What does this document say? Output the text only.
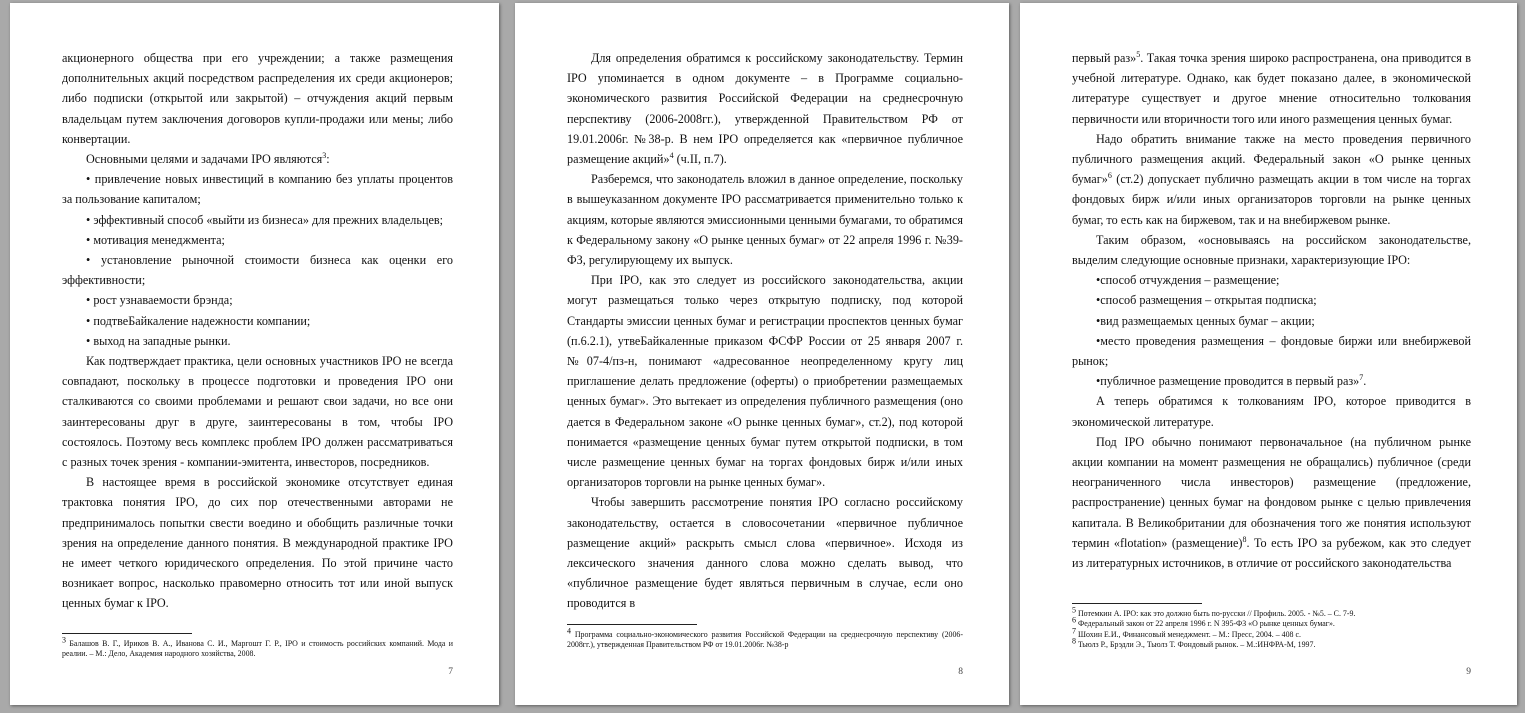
акционерного общества при его учреждении; а также размещения дополнительных акций посредством распределения их среди акционеров; либо подписки (открытой или закрытой) – отчуждения акций первым владельцам путем заключения договоров купли-продажи или мены; либо конвертации.

Основными целями и задачами IPO являются$^3$:

• привлечение новых инвестиций в компанию без уплаты процентов за пользование капиталом;

• эффективный способ «выйти из бизнеса» для прежних владельцев;

• мотивация менеджмента;

• установление рыночной стоимости бизнеса как оценки его эффективности;

• рост узнаваемости брэнда;

• подтвеБайкаление надежности компании;

• выход на западные рынки.

Как подтверждает практика, цели основных участников IPO не всегда совпадают, поскольку в процессе подготовки и проведения IPO они сталкиваются со своими проблемами и решают свои задачи, но все они заинтересованы друг в друге, заинтересованы в том, чтобы IPO состоялось. Поэтому весь комплекс проблем IPO должен рассматриваться с разных точек зрения - компании-эмитента, инвесторов, посредников.

В настоящее время в российской экономике отсутствует единая трактовка понятия IPO, до сих пор отечественными авторами не предпринималось попытки свести воедино и обобщить различные точки зрения на определение данного понятия. В международной практике IPO не имеет четкого юридического определения. По этой причине часто возникает вопрос, насколько правомерно относить тот или иной выпуск ценных бумаг к IPO.

$^3$ Балашов В. Г., Ириков В. А., Иванова С. И., Маргошт Г. Р., IPO и стоимость российских компаний. Мода и реалии. – М.: Дело, Академия народного хозяйства, 2008.

7

Для определения обратимся к российскому законодательству. Термин IPO упоминается в одном документе – в Программе социально-экономического развития Российской Федерации на среднесрочную перспективу (2006-2008гг.), утвержденной Правительством РФ от 19.01.2006г. №38-р. В нем IPO определяется как «первичное публичное размещение акций»$^4$ (ч.II, п.7).

Разберемся, что законодатель вложил в данное определение, поскольку в вышеуказанном документе IPO рассматривается применительно только к акциям, которые являются эмиссионными ценными бумагами, то обратимся к Федеральному закону «О рынке ценных бумаг» от 22 апреля 1996 г. №39-ФЗ, регулирующему их выпуск.

При IPO, как это следует из российского законодательства, акции могут размещаться только через открытую подписку, под которой Стандарты эмиссии ценных бумаг и регистрации проспектов ценных бумаг (п.6.2.1), утвеБайкаленные приказом ФСФР России от 25 января 2007 г. №07-4/пз-н, понимают «адресованное неопределенному кругу лиц приглашение делать предложение (оферты) о приобретении размещаемых ценных бумаг». Это вытекает из определения публичного размещения (оно дается в Федеральном законе «О рынке ценных бумаг», ст.2), под которой понимается «размещение ценных бумаг путем открытой подписки, в том числе размещение ценных бумаг на торгах фондовых бирж и/или иных организаторов торговли на рынке ценных бумаг».

Чтобы завершить рассмотрение понятия IPO согласно российскому законодательству, остается в словосочетании «первичное публичное размещение акций» раскрыть смысл слова «первичное». Исходя из лексического значения данного слова можно сделать вывод, что «публичное размещение будет являться первичным в случае, если оно проводится в

$^4$ Программа социально-экономического развития Российской Федерации на среднесрочную перспективу (2006-2008гг.), утвержденная Правительством РФ от 19.01.2006г. №38-р

8

первый раз»$^5$. Такая точка зрения широко распространена, она приводится в учебной литературе. Однако, как будет показано далее, в экономической литературе существует и другое мнение относительно толкования первичности или вторичности того или иного размещения ценных бумаг.

Надо обратить внимание также на место проведения первичного публичного размещения акций. Федеральный закон «О рынке ценных бумаг»$^6$ (ст.2) допускает публично размещать акции в том числе на торгах фондовых бирж и/или иных организаторов торговли на рынке ценных бумаг, то есть как на биржевом, так и на внебиржевом рынке.

Таким образом, «основываясь на российском законодательстве, выделим следующие основные признаки, характеризующие IPO:

•способ отчуждения – размещение;

•способ размещения – открытая подписка;

•вид размещаемых ценных бумаг – акции;

•место проведения размещения – фондовые биржи или внебиржевой рынок;

•публичное размещение проводится в первый раз»$^7$.

А теперь обратимся к толкованиям IPO, которое приводится в экономической литературе.

Под IPO обычно понимают первоначальное (на публичном рынке акции компании на момент размещения не обращались) публичное (среди неограниченного числа инвесторов) размещение (предложение, распространение) ценных бумаг на фондовом рынке с целью привлечения капитала. В Великобритании для обозначения того же понятия используют термин «flotation» (размещение)$^8$. То есть IPO за рубежом, как это следует из литературных источников, в отличие от российского законодательства

$^5$ Потемкин А. IPO: как это должно быть по-русски // Профиль. 2005. - №5. – С. 7-9.

$^6$ Федеральный закон от 22 апреля 1996 г. N 395-ФЗ «О рынке ценных бумаг».

$^7$ Шохин Е.И., Финансовый менеджмент. – М.: Пресс, 2004. – 408 с.

$^8$ Тьюлз Р., Брэдли Э., Тьюлз Т. Фондовый рынок. – М.:ИНФРА-М, 1997.

9
